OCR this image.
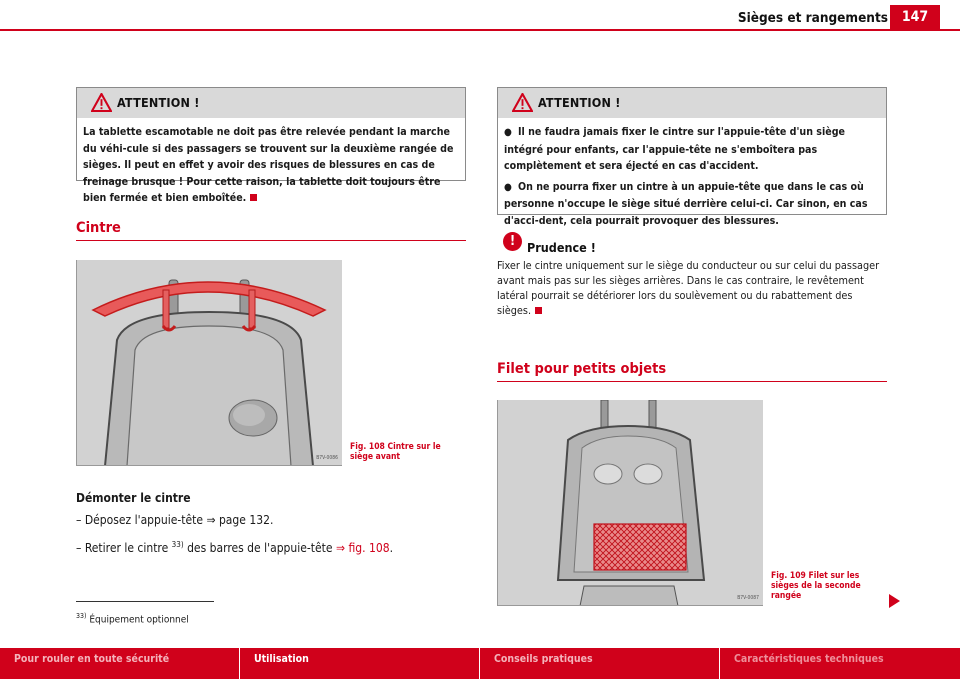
Sièges et rangements 147
ATTENTION !
La tablette escamotable ne doit pas être relevée pendant la marche du véhi-cule si des passagers se trouvent sur la deuxième rangée de sièges. Il peut en effet y avoir des risques de blessures en cas de freinage brusque ! Pour cette raison, la tablette doit toujours être bien fermée et bien emboîtée.
Cintre
B7V-0086
Fig. 108 Cintre sur le siège avant
Démonter le cintre
– Déposez l'appuie-tête ⇒ page 132.
– Retirer le cintre $^{33)}$ des barres de l'appuie-tête ⇒ fig. 108.
$^{33)}$ Équipement optionnel
ATTENTION !

● Il ne faudra jamais fixer le cintre sur l'appuie-tête d'un siège intégré pour enfants, car l'appuie-tête ne s'emboîtera pas complètement et sera éjecté en cas d'accident.

● On ne pourra fixer un cintre à un appuie-tête que dans le cas où personne n'occupe le siège situé derrière celui-ci. Car sinon, en cas d'acci-dent, cela pourrait provoquer des blessures.

! Prudence !
Fixer le cintre uniquement sur le siège du conducteur ou sur celui du passager avant mais pas sur les sièges arrières. Dans le cas contraire, le revêtement latéral pourrait se détériorer lors du soulèvement ou du rabattement des sièges.
Filet pour petits objets
B7V-0087
Fig. 109 Filet sur les sièges de la seconde rangée
Pour rouler en toute sécurité	Utilisation	Conseils pratiques	Caractéristiques techniques
